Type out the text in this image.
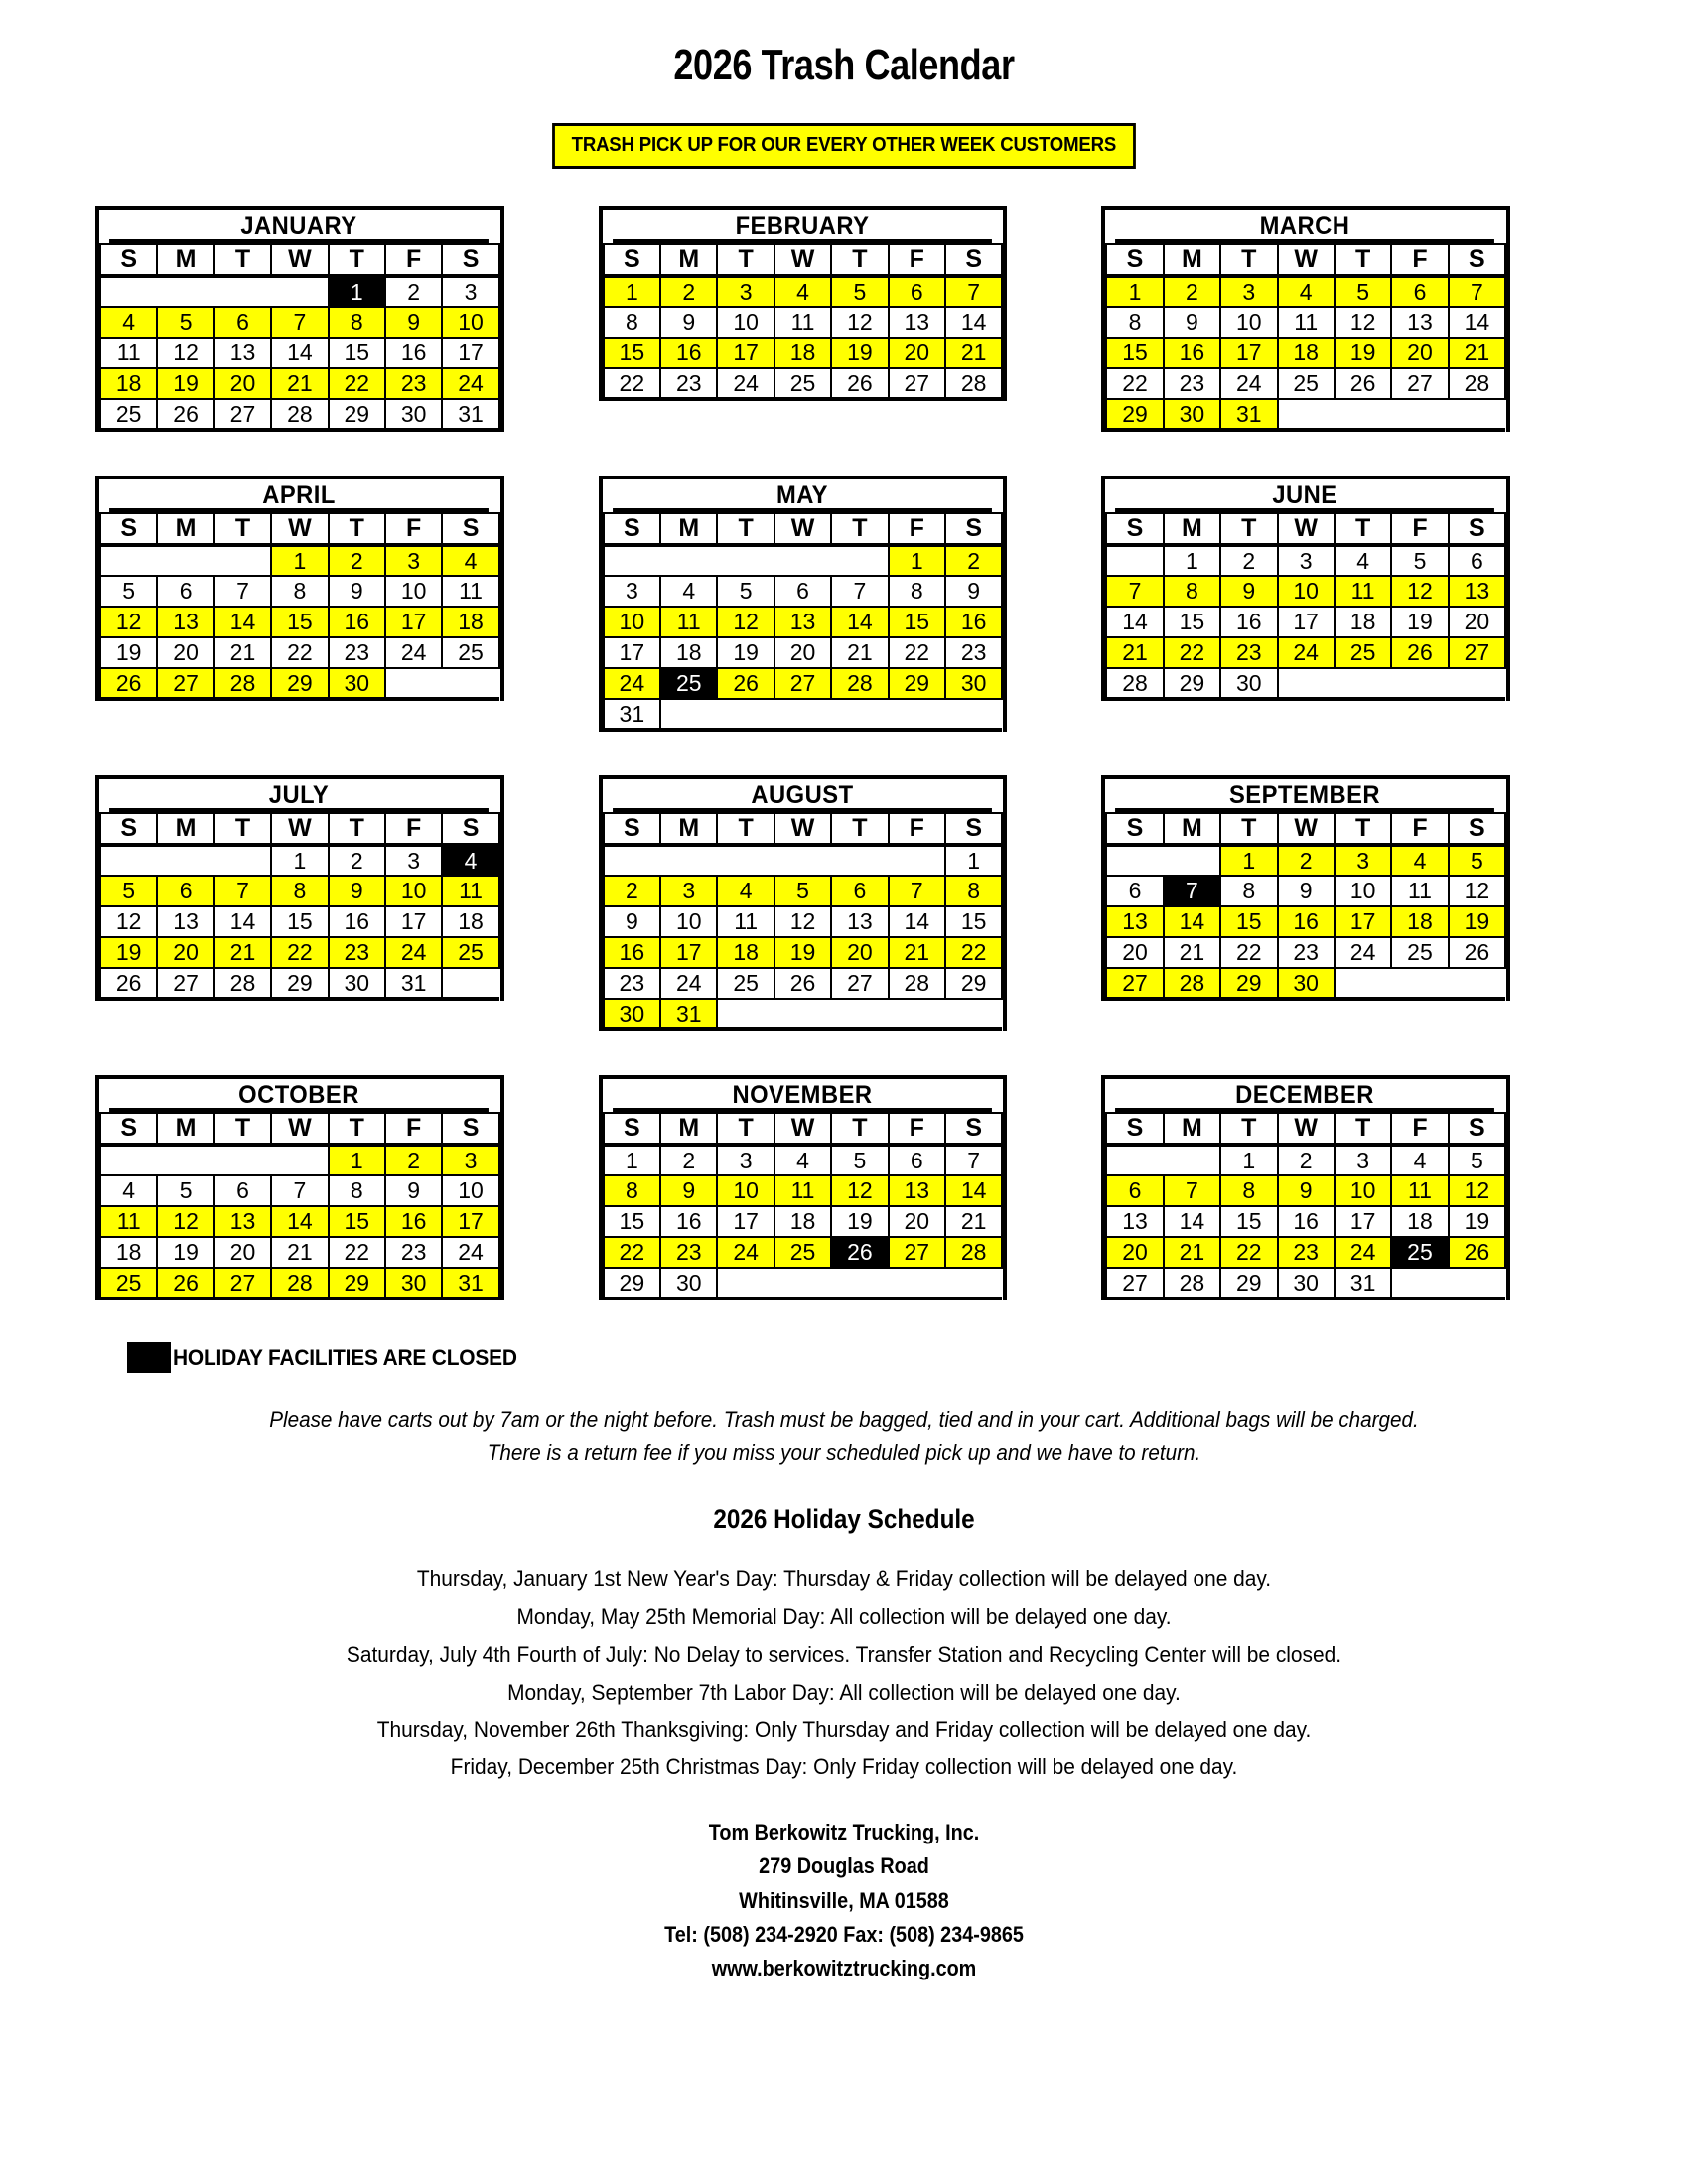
2026 Trash Calendar
TRASH PICK UP FOR OUR EVERY OTHER WEEK CUSTOMERS
JANUARY
S	M	T	W	T	F	S
				1	2	3
4	5	6	7	8	9	10
11	12	13	14	15	16	17
18	19	20	21	22	23	24
25	26	27	28	29	30	31
FEBRUARY
S	M	T	W	T	F	S
1	2	3	4	5	6	7
8	9	10	11	12	13	14
15	16	17	18	19	20	21
22	23	24	25	26	27	28
MARCH
S	M	T	W	T	F	S
1	2	3	4	5	6	7
8	9	10	11	12	13	14
15	16	17	18	19	20	21
22	23	24	25	26	27	28
29	30	31				
APRIL
S	M	T	W	T	F	S
			1	2	3	4
5	6	7	8	9	10	11
12	13	14	15	16	17	18
19	20	21	22	23	24	25
26	27	28	29	30		
MAY
S	M	T	W	T	F	S
					1	2
3	4	5	6	7	8	9
10	11	12	13	14	15	16
17	18	19	20	21	22	23
24	25	26	27	28	29	30
31						
JUNE
S	M	T	W	T	F	S
	1	2	3	4	5	6
7	8	9	10	11	12	13
14	15	16	17	18	19	20
21	22	23	24	25	26	27
28	29	30				
JULY
S	M	T	W	T	F	S
			1	2	3	4
5	6	7	8	9	10	11
12	13	14	15	16	17	18
19	20	21	22	23	24	25
26	27	28	29	30	31	
AUGUST
S	M	T	W	T	F	S
						1
2	3	4	5	6	7	8
9	10	11	12	13	14	15
16	17	18	19	20	21	22
23	24	25	26	27	28	29
30	31					
SEPTEMBER
S	M	T	W	T	F	S
		1	2	3	4	5
6	7	8	9	10	11	12
13	14	15	16	17	18	19
20	21	22	23	24	25	26
27	28	29	30			
OCTOBER
S	M	T	W	T	F	S
				1	2	3
4	5	6	7	8	9	10
11	12	13	14	15	16	17
18	19	20	21	22	23	24
25	26	27	28	29	30	31
NOVEMBER
S	M	T	W	T	F	S
1	2	3	4	5	6	7
8	9	10	11	12	13	14
15	16	17	18	19	20	21
22	23	24	25	26	27	28
29	30					
DECEMBER
S	M	T	W	T	F	S
		1	2	3	4	5
6	7	8	9	10	11	12
13	14	15	16	17	18	19
20	21	22	23	24	25	26
27	28	29	30	31		
HOLIDAY FACILITIES ARE CLOSED
Please have carts out by 7am or the night before. Trash must be bagged, tied and in your cart. Additional bags will be charged.
There is a return fee if you miss your scheduled pick up and we have to return.
2026 Holiday Schedule
Thursday, January 1st New Year's Day: Thursday & Friday collection will be delayed one day.
Monday, May 25th Memorial Day: All collection will be delayed one day.
Saturday, July 4th Fourth of July: No Delay to services. Transfer Station and Recycling Center will be closed.
Monday, September 7th Labor Day: All collection will be delayed one day.
Thursday, November 26th Thanksgiving: Only Thursday and Friday collection will be delayed one day.
Friday, December 25th Christmas Day: Only Friday collection will be delayed one day.
Tom Berkowitz Trucking, Inc.
279 Douglas Road
Whitinsville, MA 01588
Tel: (508) 234-2920 Fax: (508) 234-9865
www.berkowitztrucking.com
